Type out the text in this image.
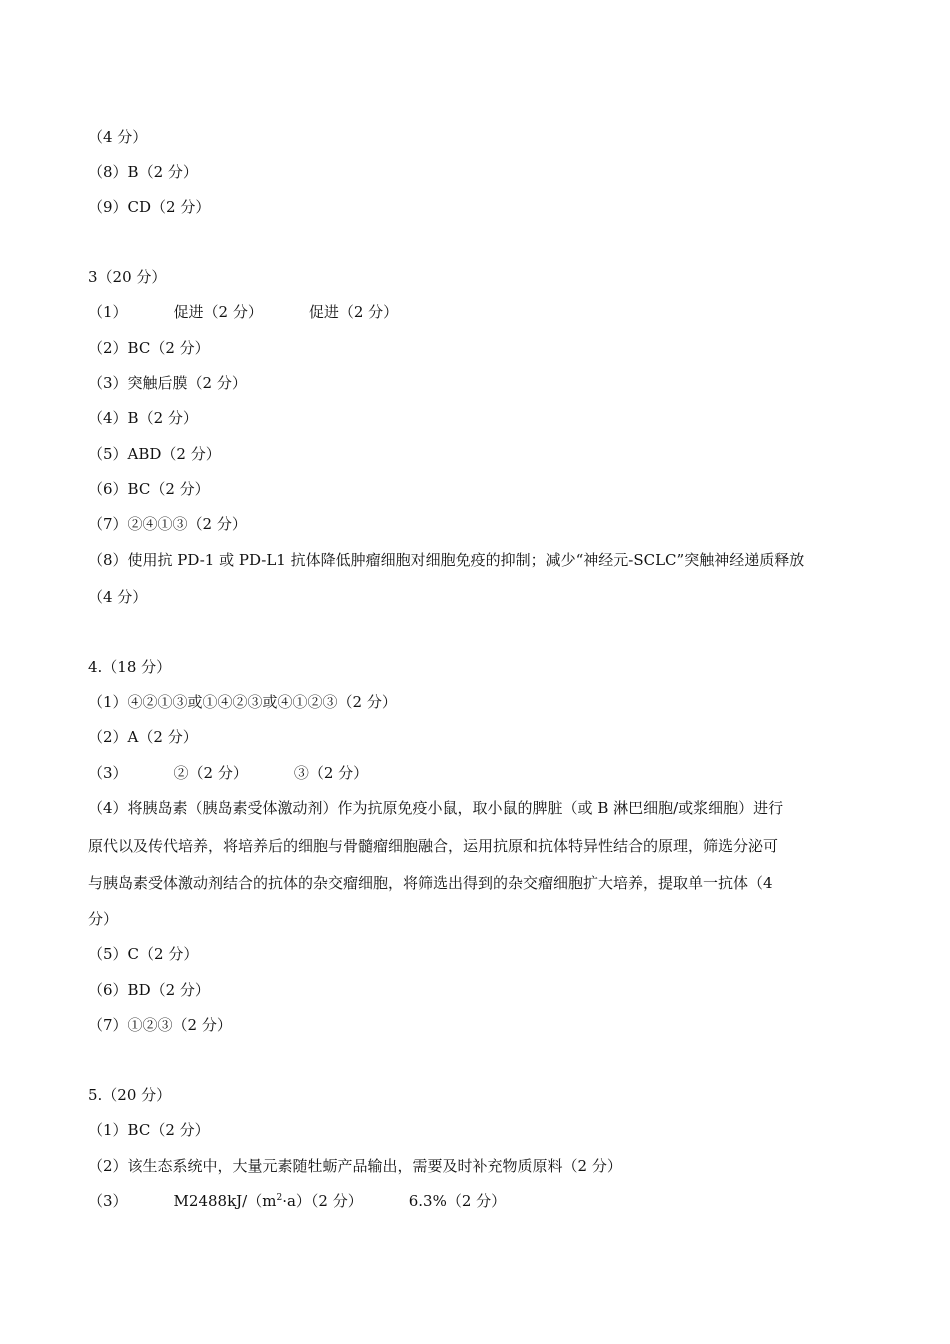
（4 分）
（8）B（2 分）
（9）CD（2 分）
3（20 分）
（1）	促进（2 分）	促进（2 分）
（2）BC（2 分）
（3）突触后膜（2 分）
（4）B（2 分）
（5）ABD（2 分）
（6）BC（2 分）
（7）②④①③（2 分）
（8）使用抗 PD-1 或 PD-L1 抗体降低肿瘤细胞对细胞免疫的抑制；减少“神经元-SCLC”突触神经递质释放
（4 分）
4.（18 分）
（1）④②①③或①④②③或④①②③（2 分）
（2）A（2 分）
（3）	②（2 分）	③（2 分）
（4）将胰岛素（胰岛素受体激动剂）作为抗原免疫小鼠，取小鼠的脾脏（或 B 淋巴细胞/或浆细胞）进行
原代以及传代培养，将培养后的细胞与骨髓瘤细胞融合，运用抗原和抗体特异性结合的原理，筛选分泌可
与胰岛素受体激动剂结合的抗体的杂交瘤细胞，将筛选出得到的杂交瘤细胞扩大培养，提取单一抗体（4
分）
（5）C（2 分）
（6）BD（2 分）
（7）①②③（2 分）
5.（20 分）
（1）BC（2 分）
（2）该生态系统中，大量元素随牡蛎产品输出，需要及时补充物质原料（2 分）
（3）	$M2488kJ/(m^2\cdot a)(2$ 分）	6.3%（2 分）
